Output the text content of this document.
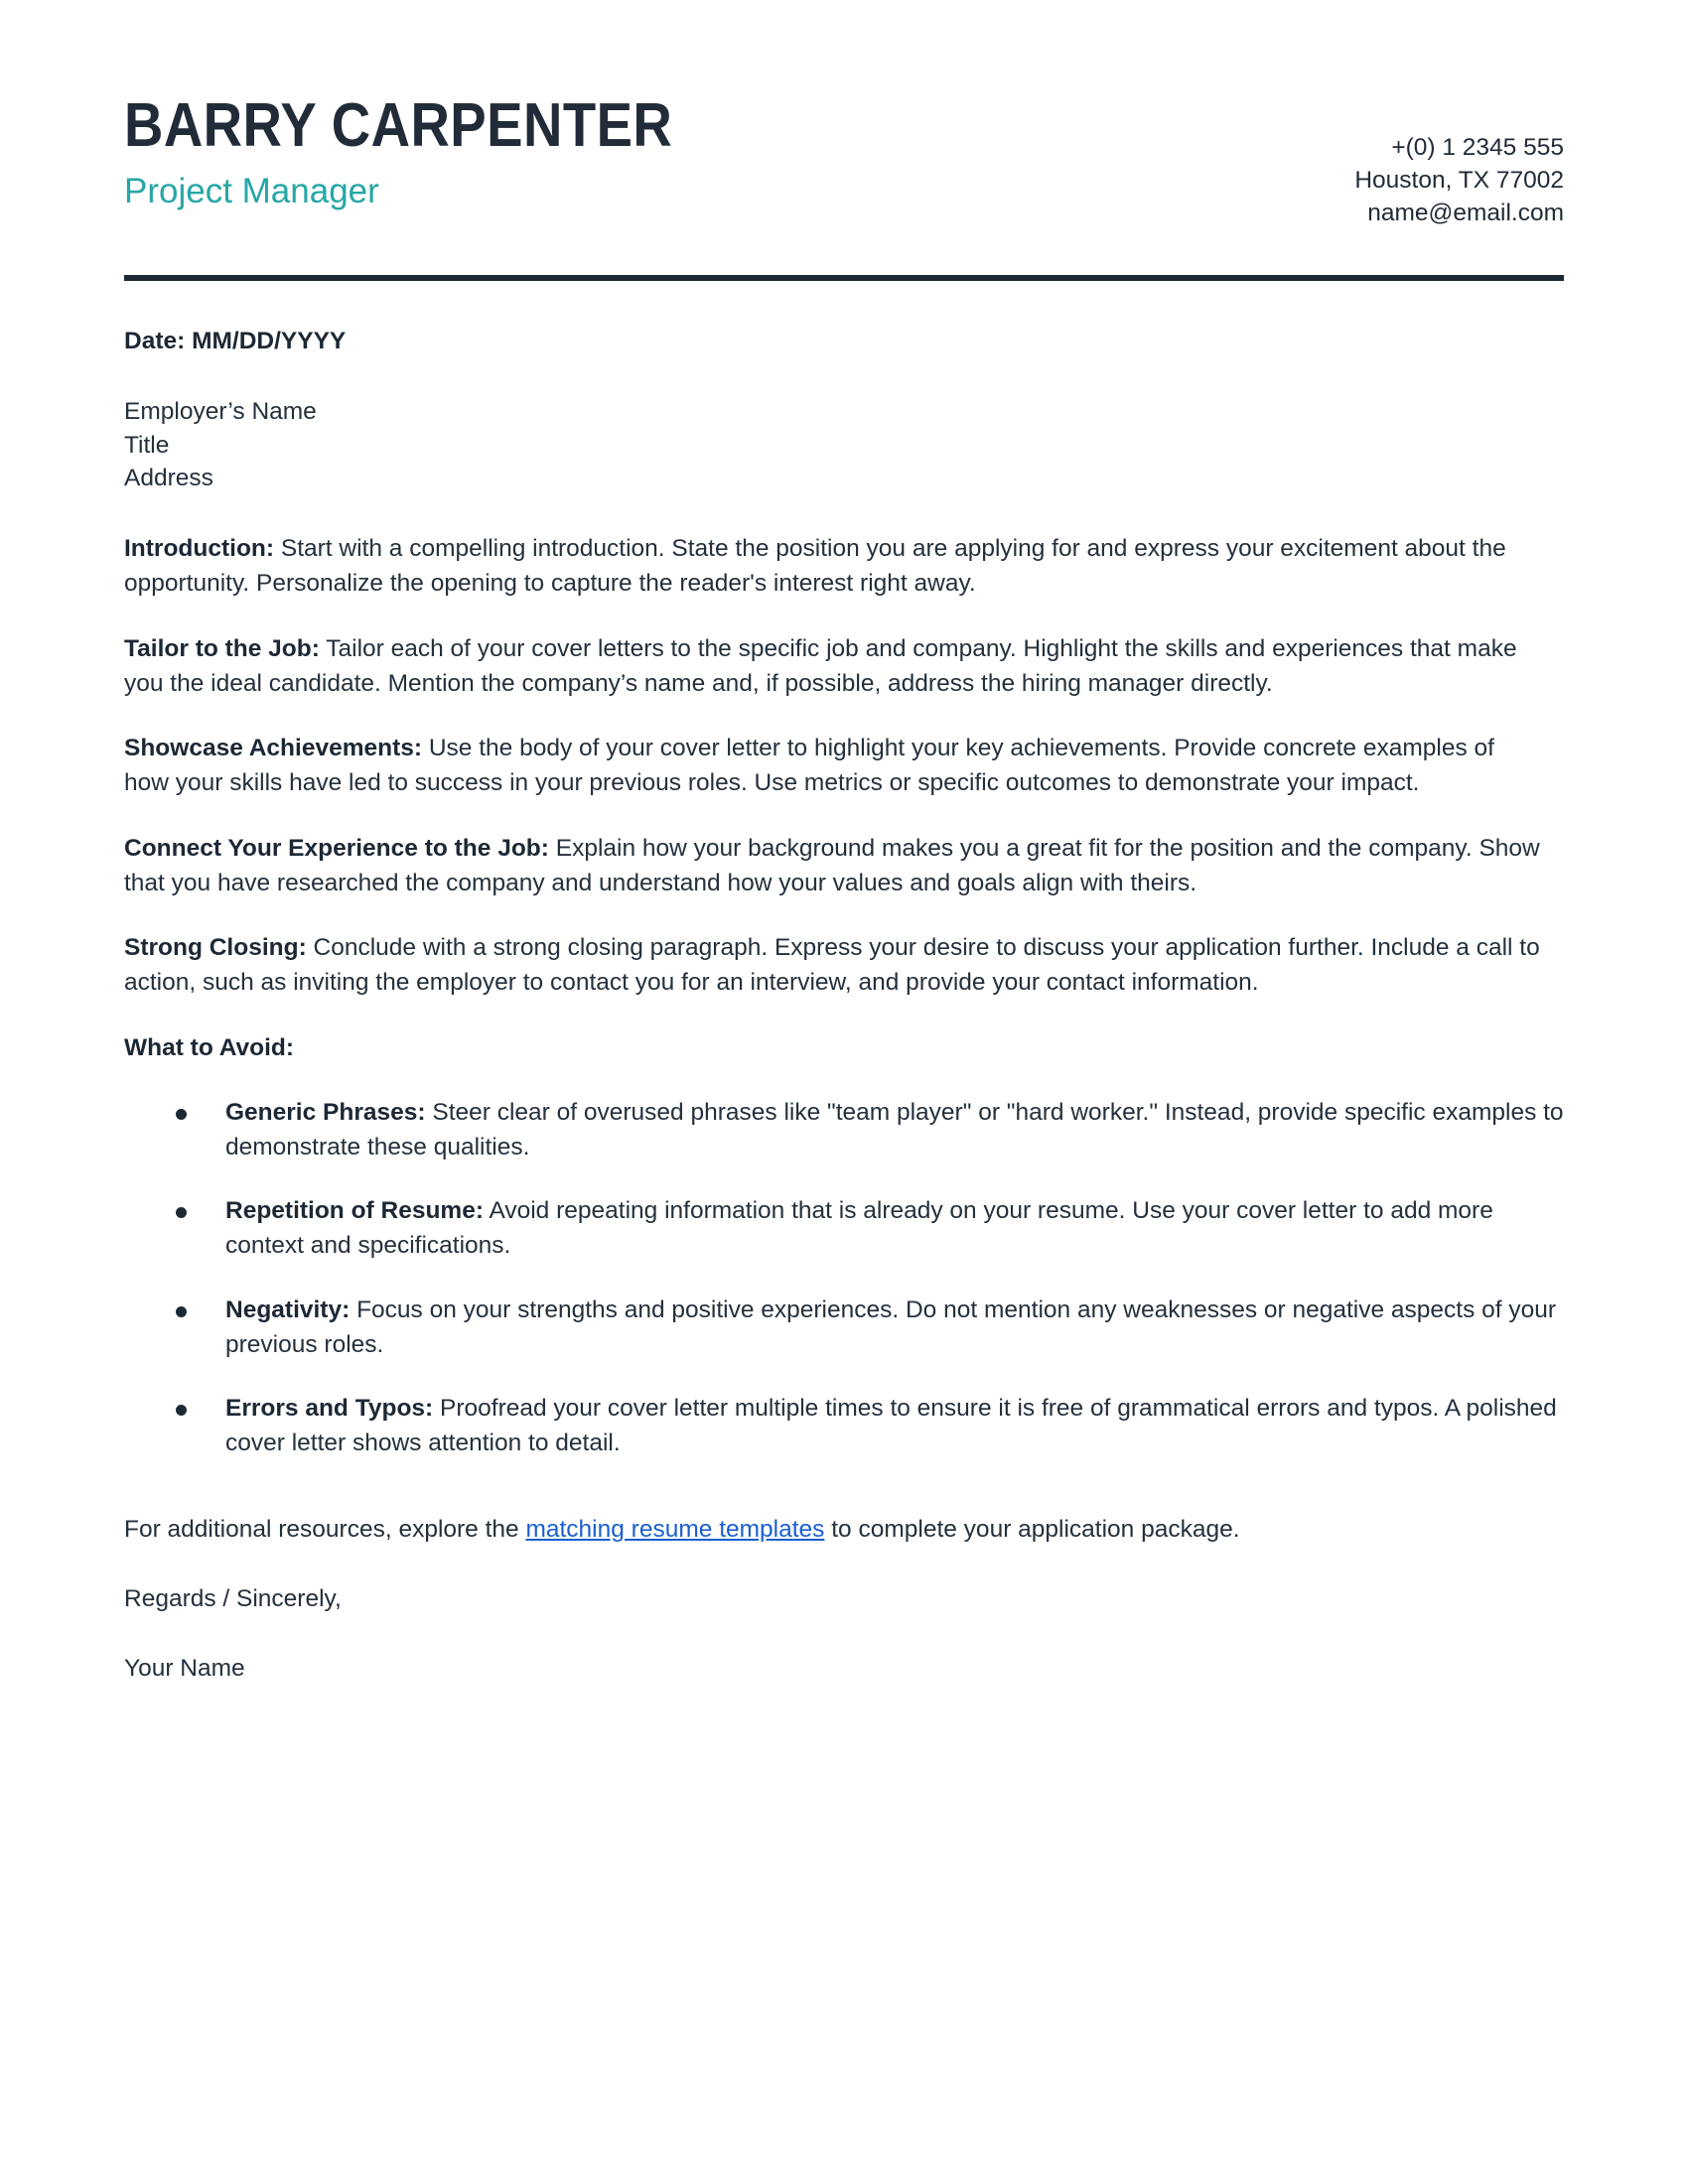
BARRY CARPENTER
Project Manager
+(0) 1 2345 555
Houston, TX 77002
name@email.com
Date: MM/DD/YYYY
Employer’s Name
Title
Address
Introduction: Start with a compelling introduction. State the position you are applying for and express your excitement about the opportunity. Personalize the opening to capture the reader's interest right away.
Tailor to the Job: Tailor each of your cover letters to the specific job and company. Highlight the skills and experiences that make you the ideal candidate. Mention the company’s name and, if possible, address the hiring manager directly.
Showcase Achievements: Use the body of your cover letter to highlight your key achievements. Provide concrete examples of how your skills have led to success in your previous roles. Use metrics or specific outcomes to demonstrate your impact.
Connect Your Experience to the Job: Explain how your background makes you a great fit for the position and the company. Show that you have researched the company and understand how your values and goals align with theirs.
Strong Closing: Conclude with a strong closing paragraph. Express your desire to discuss your application further. Include a call to action, such as inviting the employer to contact you for an interview, and provide your contact information.
What to Avoid:
Generic Phrases: Steer clear of overused phrases like "team player" or "hard worker." Instead, provide specific examples to demonstrate these qualities.
Repetition of Resume: Avoid repeating information that is already on your resume. Use your cover letter to add more context and specifications.
Negativity: Focus on your strengths and positive experiences. Do not mention any weaknesses or negative aspects of your previous roles.
Errors and Typos: Proofread your cover letter multiple times to ensure it is free of grammatical errors and typos. A polished cover letter shows attention to detail.
For additional resources, explore the matching resume templates to complete your application package.
Regards / Sincerely,
Your Name
